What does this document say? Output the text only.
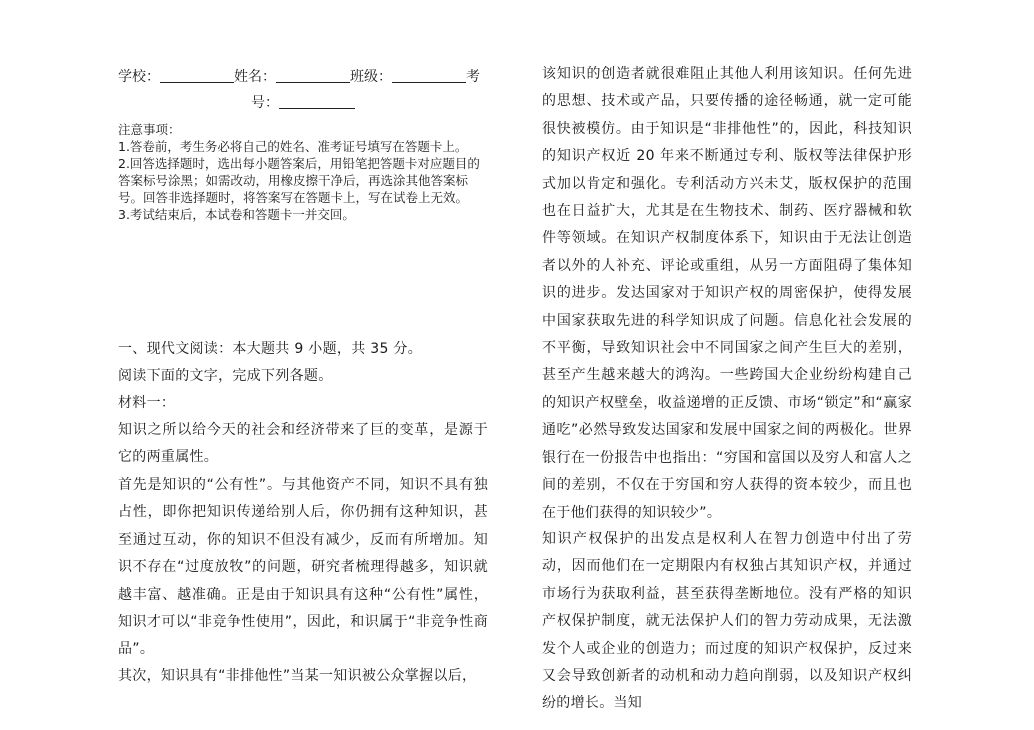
学校：	姓名：	班级：	考
号：
注意事项：
1.答卷前，考生务必将自己的姓名、准考证号填写在答题卡上。
2.回答选择题时，选出每小题答案后，用铅笔把答题卡对应题目的答案标号涂黑；如需改动，用橡皮擦干净后，再选涂其他答案标号。回答非选择题时，将答案写在答题卡上，写在试卷上无效。
3.考试结束后，本试卷和答题卡一并交回。
一、现代文阅读：本大题共 9 小题，共 35 分。
阅读下面的文字，完成下列各题。
材料一：
知识之所以给今天的社会和经济带来了巨的变革，是源于它的两重属性。
首先是知识的“公有性”。与其他资产不同，知识不具有独占性，即你把知识传递给别人后，你仍拥有这种知识，甚至通过互动，你的知识不但没有减少，反而有所增加。知识不存在“过度放牧”的问题，研究者梳理得越多，知识就越丰富、越准确。正是由于知识具有这种“公有性”属性，知识才可以“非竞争性使用”，因此，和识属于“非竞争性商品”。
其次，知识具有“非排他性”当某一知识被公众掌握以后，
该知识的创造者就很难阻止其他人利用该知识。任何先进的思想、技术或产品，只要传播的途径畅通，就一定可能很快被模仿。由于知识是“非排他性”的，因此，科技知识的知识产权近 20 年来不断通过专利、版权等法律保护形式加以肯定和强化。专利活动方兴未艾，版权保护的范围也在日益扩大，尤其是在生物技术、制药、医疗器械和软件等领域。在知识产权制度体系下，知识由于无法让创造者以外的人补充、评论或重组，从另一方面阻碍了集体知识的进步。发达国家对于知识产权的周密保护，使得发展中国家获取先进的科学知识成了问题。信息化社会发展的不平衡，导致知识社会中不同国家之间产生巨大的差别，甚至产生越来越大的鸿沟。一些跨国大企业纷纷构建自己的知识产权壁垒，收益递增的正反馈、市场“锁定”和“赢家通吃”必然导致发达国家和发展中国家之间的两极化。世界银行在一份报告中也指出：“穷国和富国以及穷人和富人之间的差别，不仅在于穷国和穷人获得的资本较少，而且也在于他们获得的知识较少”。
知识产权保护的出发点是权利人在智力创造中付出了劳动，因而他们在一定期限内有权独占其知识产权，并通过市场行为获取利益，甚至获得垄断地位。没有严格的知识产权保护制度，就无法保护人们的智力劳动成果，无法激发个人或企业的创造力；而过度的知识产权保护，反过来又会导致创新者的动机和动力趋向削弱，以及知识产权纠纷的增长。当知
